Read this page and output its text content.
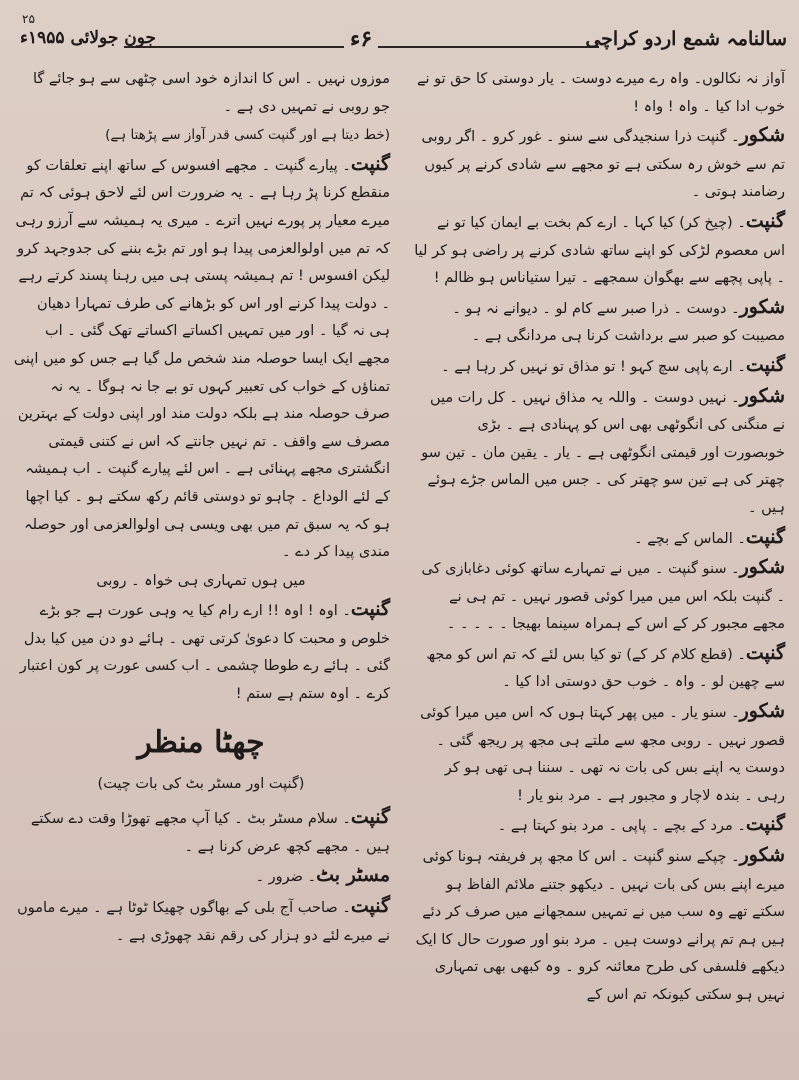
سالنامہ شمع اردو کراچی
۶ء
جون جولائی ۱۹۵۵ء
۲۵

آواز نہ نکالوں۔ واہ رے میرے دوست ۔ یار دوستی کا حق تو نے خوب ادا کیا ۔ واہ ! واہ !

شکور۔ گنپت ذرا سنجیدگی سے سنو ۔ غور کرو ۔ اگر روبی تم سے خوش رہ سکتی ہے تو مجھے سے شادی کرنے پر کیوں رضامند ہوتی ۔

گنپت۔ (چیخ کر) کیا کہا ۔ ارے کم بخت بے ایمان کیا تو نے اس معصوم لڑکی کو اپنے ساتھ شادی کرنے پر راضی ہو کر لیا ۔ پاپی پچھے سے بھگوان سمجھے ۔ تیرا ستیاناس ہو ظالم !

شکور۔ دوست ۔ ذرا صبر سے کام لو ۔ دیوانے نہ ہو ۔ مصیبت کو صبر سے برداشت کرنا ہی مردانگی ہے ۔

گنپت۔ ارے پاپی سچ کہو ! تو مذاق تو نہیں کر رہا ہے ۔

شکور۔ نہیں دوست ۔ واللہ یہ مذاق نہیں ۔ کل رات میں نے منگنی کی انگوٹھی بھی اس کو پہنادی ہے ۔ بڑی خوبصورت اور قیمتی انگوٹھی ہے ۔ یار ۔ یقین مان ۔ تین سو چھتر کی ہے تین سو چھتر کی ۔ جس میں الماس جڑے ہوئے ہیں ۔

گنپت۔ الماس کے بچے ۔

شکور۔ سنو گنپت ۔ میں نے تمہارے ساتھ کوئی دغابازی کی ۔ گنپت بلکہ اس میں میرا کوئی قصور نہیں ۔ تم ہی نے مجھے مجبور کر کے اس کے ہمراہ سینما بھیجا ۔ ۔ ۔ ۔ ۔

گنپت۔ (قطع کلام کر کے) تو کیا بس لئے کہ تم اس کو مجھ سے چھین لو ۔ واہ ۔ خوب حق دوستی ادا کیا ۔

شکور۔ سنو یار ۔ میں پھر کہتا ہوں کہ اس میں میرا کوئی قصور نہیں ۔ روبی مجھ سے ملتے ہی مجھ پر ریجھ گئی ۔ دوست یہ اپنے بس کی بات نہ تھی ۔ سننا ہی تھی ہو کر رہی ۔ بندہ لاچار و مجبور ہے ۔ مرد بنو یار !

گنپت۔ مرد کے بچے ۔ پاپی ۔ مرد بنو کہتا ہے ۔

شکور۔ چپکے سنو گنپت ۔ اس کا مجھ پر فریفتہ ہونا کوئی میرے اپنے بس کی بات نہیں ۔ دیکھو جتنے ملائم الفاظ ہو سکتے تھے وہ سب میں نے تمہیں سمجھانے میں صرف کر دئے ہیں ہم تم پرانے دوست ہیں ۔ مرد بنو اور صورت حال کا ایک دیکھے فلسفی کی طرح معائنہ کرو ۔ وہ کبھی بھی تمہاری نہیں ہو سکتی کیونکہ تم اس کے

موزوں نہیں ۔ اس کا اندازہ خود اسی چٹھی سے ہو جائے گا جو روبی نے تمہیں دی ہے ۔

(خط دیتا ہے اور گنپت کسی قدر آواز سے پڑھتا ہے)

گنپت۔ پیارے گنپت ۔ مجھے افسوس کے ساتھ اپنے تعلقات کو منقطع کرنا پڑ رہا ہے ۔ یہ ضرورت اس لئے لاحق ہوئی کہ تم میرے معیار پر پورے نہیں اترے ۔ میری یہ ہمیشہ سے آرزو رہی کہ تم میں اولوالعزمی پیدا ہو اور تم بڑے بننے کی جدوجہد کرو لیکن افسوس ! تم ہمیشہ پستی ہی میں رہنا پسند کرتے رہے ۔ دولت پیدا کرنے اور اس کو بڑھانے کی طرف تمہارا دھیان ہی نہ گیا ۔ اور میں تمہیں اکساتے اکساتے تھک گئی ۔ اب مجھے ایک ایسا حوصلہ مند شخص مل گیا ہے جس کو میں اپنی تمناؤں کے خواب کی تعبیر کہوں تو بے جا نہ ہوگا ۔ یہ نہ صرف حوصلہ مند ہے بلکہ دولت مند اور اپنی دولت کے بہترین مصرف سے واقف ۔ تم نہیں جانتے کہ اس نے کتنی قیمتی انگشتری مجھے پہنائی ہے ۔ اس لئے پیارے گنپت ۔ اب ہمیشہ کے لئے الوداع ۔ چاہو تو دوستی قائم رکھ سکتے ہو ۔ کیا اچھا ہو کہ یہ سبق تم میں بھی ویسی ہی اولوالعزمی اور حوصلہ مندی پیدا کر دے ۔

میں ہوں تمہاری ہی خواہ ۔ روبی

گنپت۔ اوہ ! اوہ !! ارے رام کیا یہ وہی عورت ہے جو بڑے خلوص و محبت کا دعویٰ کرتی تھی ۔ ہائے دو دن میں کیا بدل گئی ۔ ہائے رے طوطا چشمی ۔ اب کسی عورت پر کون اعتبار کرے ۔ اوہ ستم ہے ستم !

چھٹا منظر
(گنپت اور مسٹر بٹ کی بات چیت)

گنپت۔ سلام مسٹر بٹ ۔ کیا آپ مجھے تھوڑا وقت دے سکتے ہیں ۔ مجھے کچھ عرض کرنا ہے ۔

مسٹر بٹ۔ ضرور ۔

گنپت۔ صاحب آج بلی کے بھاگوں چھیکا ٹوٹا ہے ۔ میرے ماموں نے میرے لئے دو ہزار کی رقم نقد چھوڑی ہے ۔
